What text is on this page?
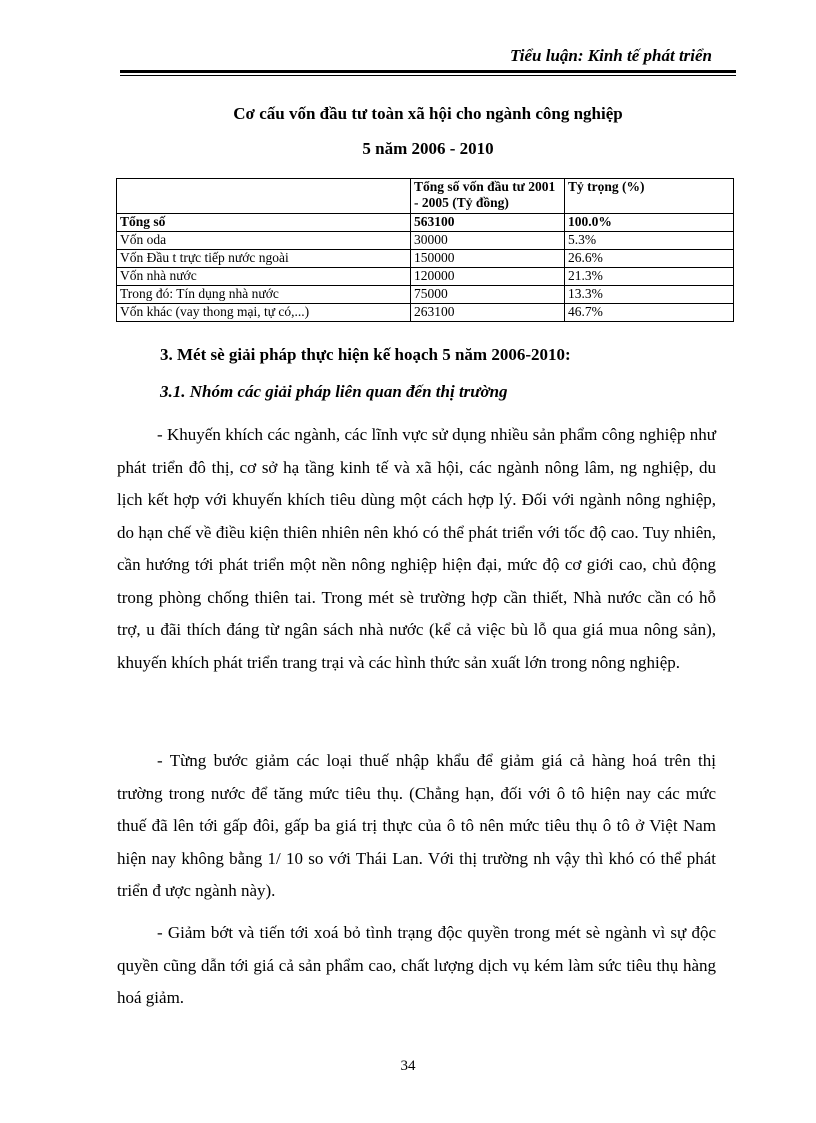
Tiểu luận: Kinh tế phát triển
Cơ cấu vốn đầu tư toàn xã hội cho ngành công nghiệp
5 năm 2006 - 2010
	Tổng số vốn đầu tư 2001 - 2005 (Tỷ đồng)	Tỷ trọng (%)
Tổng số	563100	100.0%
Vốn oda	30000	5.3%
Vốn Đầu t trực tiếp nước ngoài	150000	26.6%
Vốn nhà nước	120000	21.3%
Trong đó: Tín dụng nhà nước	75000	13.3%
Vốn khác (vay thong mại, tự có,...)	263100	46.7%
3. Mét sè giải pháp thực hiện kế hoạch 5 năm 2006-2010:
3.1. Nhóm các giải pháp liên quan đến thị trường

- Khuyến khích các ngành, các lĩnh vực sử dụng nhiều sản phẩm công nghiệp như phát triển đô thị, cơ sở hạ tầng kinh tế và xã hội, các ngành nông lâm, ng nghiệp, du lịch kết hợp với khuyến khích tiêu dùng một cách hợp lý. Đối với ngành nông nghiệp, do hạn chế về điều kiện thiên nhiên nên khó có thể phát triển với tốc độ cao. Tuy nhiên, cần hướng tới phát triển một nền nông nghiệp hiện đại, mức độ cơ giới cao, chủ động trong phòng chống thiên tai. Trong mét sè trường hợp cần thiết, Nhà nước cần có hỗ trợ, u đãi thích đáng từ ngân sách nhà nước (kể cả việc bù lỗ qua giá mua nông sản), khuyến khích phát triển trang trại và các hình thức sản xuất lớn trong nông nghiệp.

- Từng bước giảm các loại thuế nhập khẩu để giảm giá cả hàng hoá trên thị trường trong nước để tăng mức tiêu thụ. (Chẳng hạn, đối với ô tô hiện nay các mức thuế đã lên tới gấp đôi, gấp ba giá trị thực của ô tô nên mức tiêu thụ ô tô ở Việt Nam hiện nay không bằng 1/ 10 so với Thái Lan. Với thị trường nh vậy thì khó có thể phát triển đ ược ngành này).

- Giảm bớt và tiến tới xoá bỏ tình trạng độc quyền trong mét sè ngành vì sự độc quyền cũng dẫn tới giá cả sản phẩm cao, chất lượng dịch vụ kém làm sức tiêu thụ hàng hoá giảm.

34
